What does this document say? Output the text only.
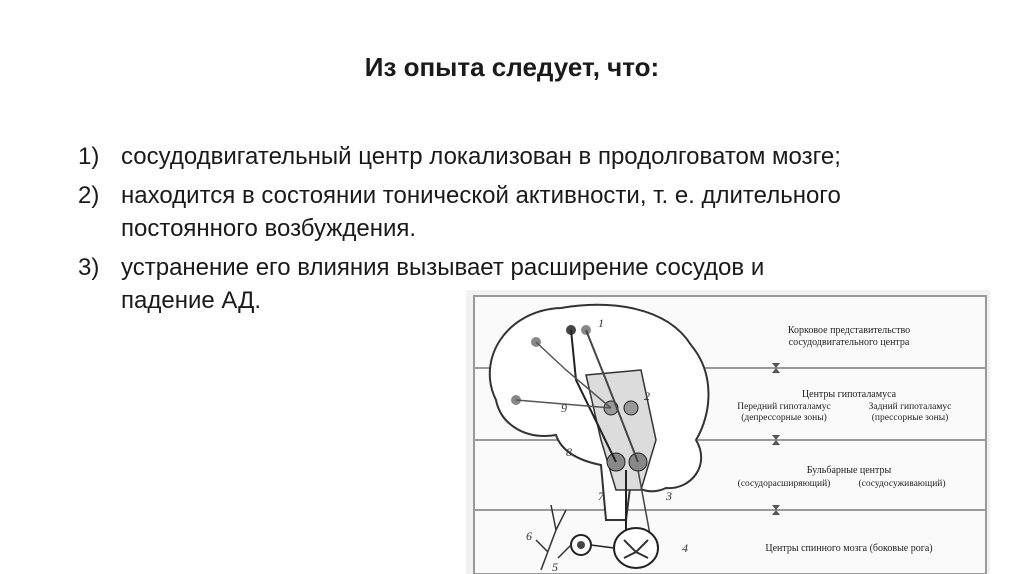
Из опыта следует, что:
1) сосудодвигательный центр локализован в продолговатом мозге;
2) находится в состоянии тонической активности, т. е. длительного
постоянного возбуждения.
3) устранение его влияния вызывает расширение сосудов и
падение АД.
1
2
3
4
5
6
7
8
9
Корковое представительство
сосудодвигательного центра
Центры гипоталамуса
Передний гипоталамус
(депрессорные зоны)
Задний гипоталамус
(прессорные зоны)
Бульбарные центры
(сосудорасширяющий)	(сосудосуживающий)
Центры спинного мозга (боковые рога)
